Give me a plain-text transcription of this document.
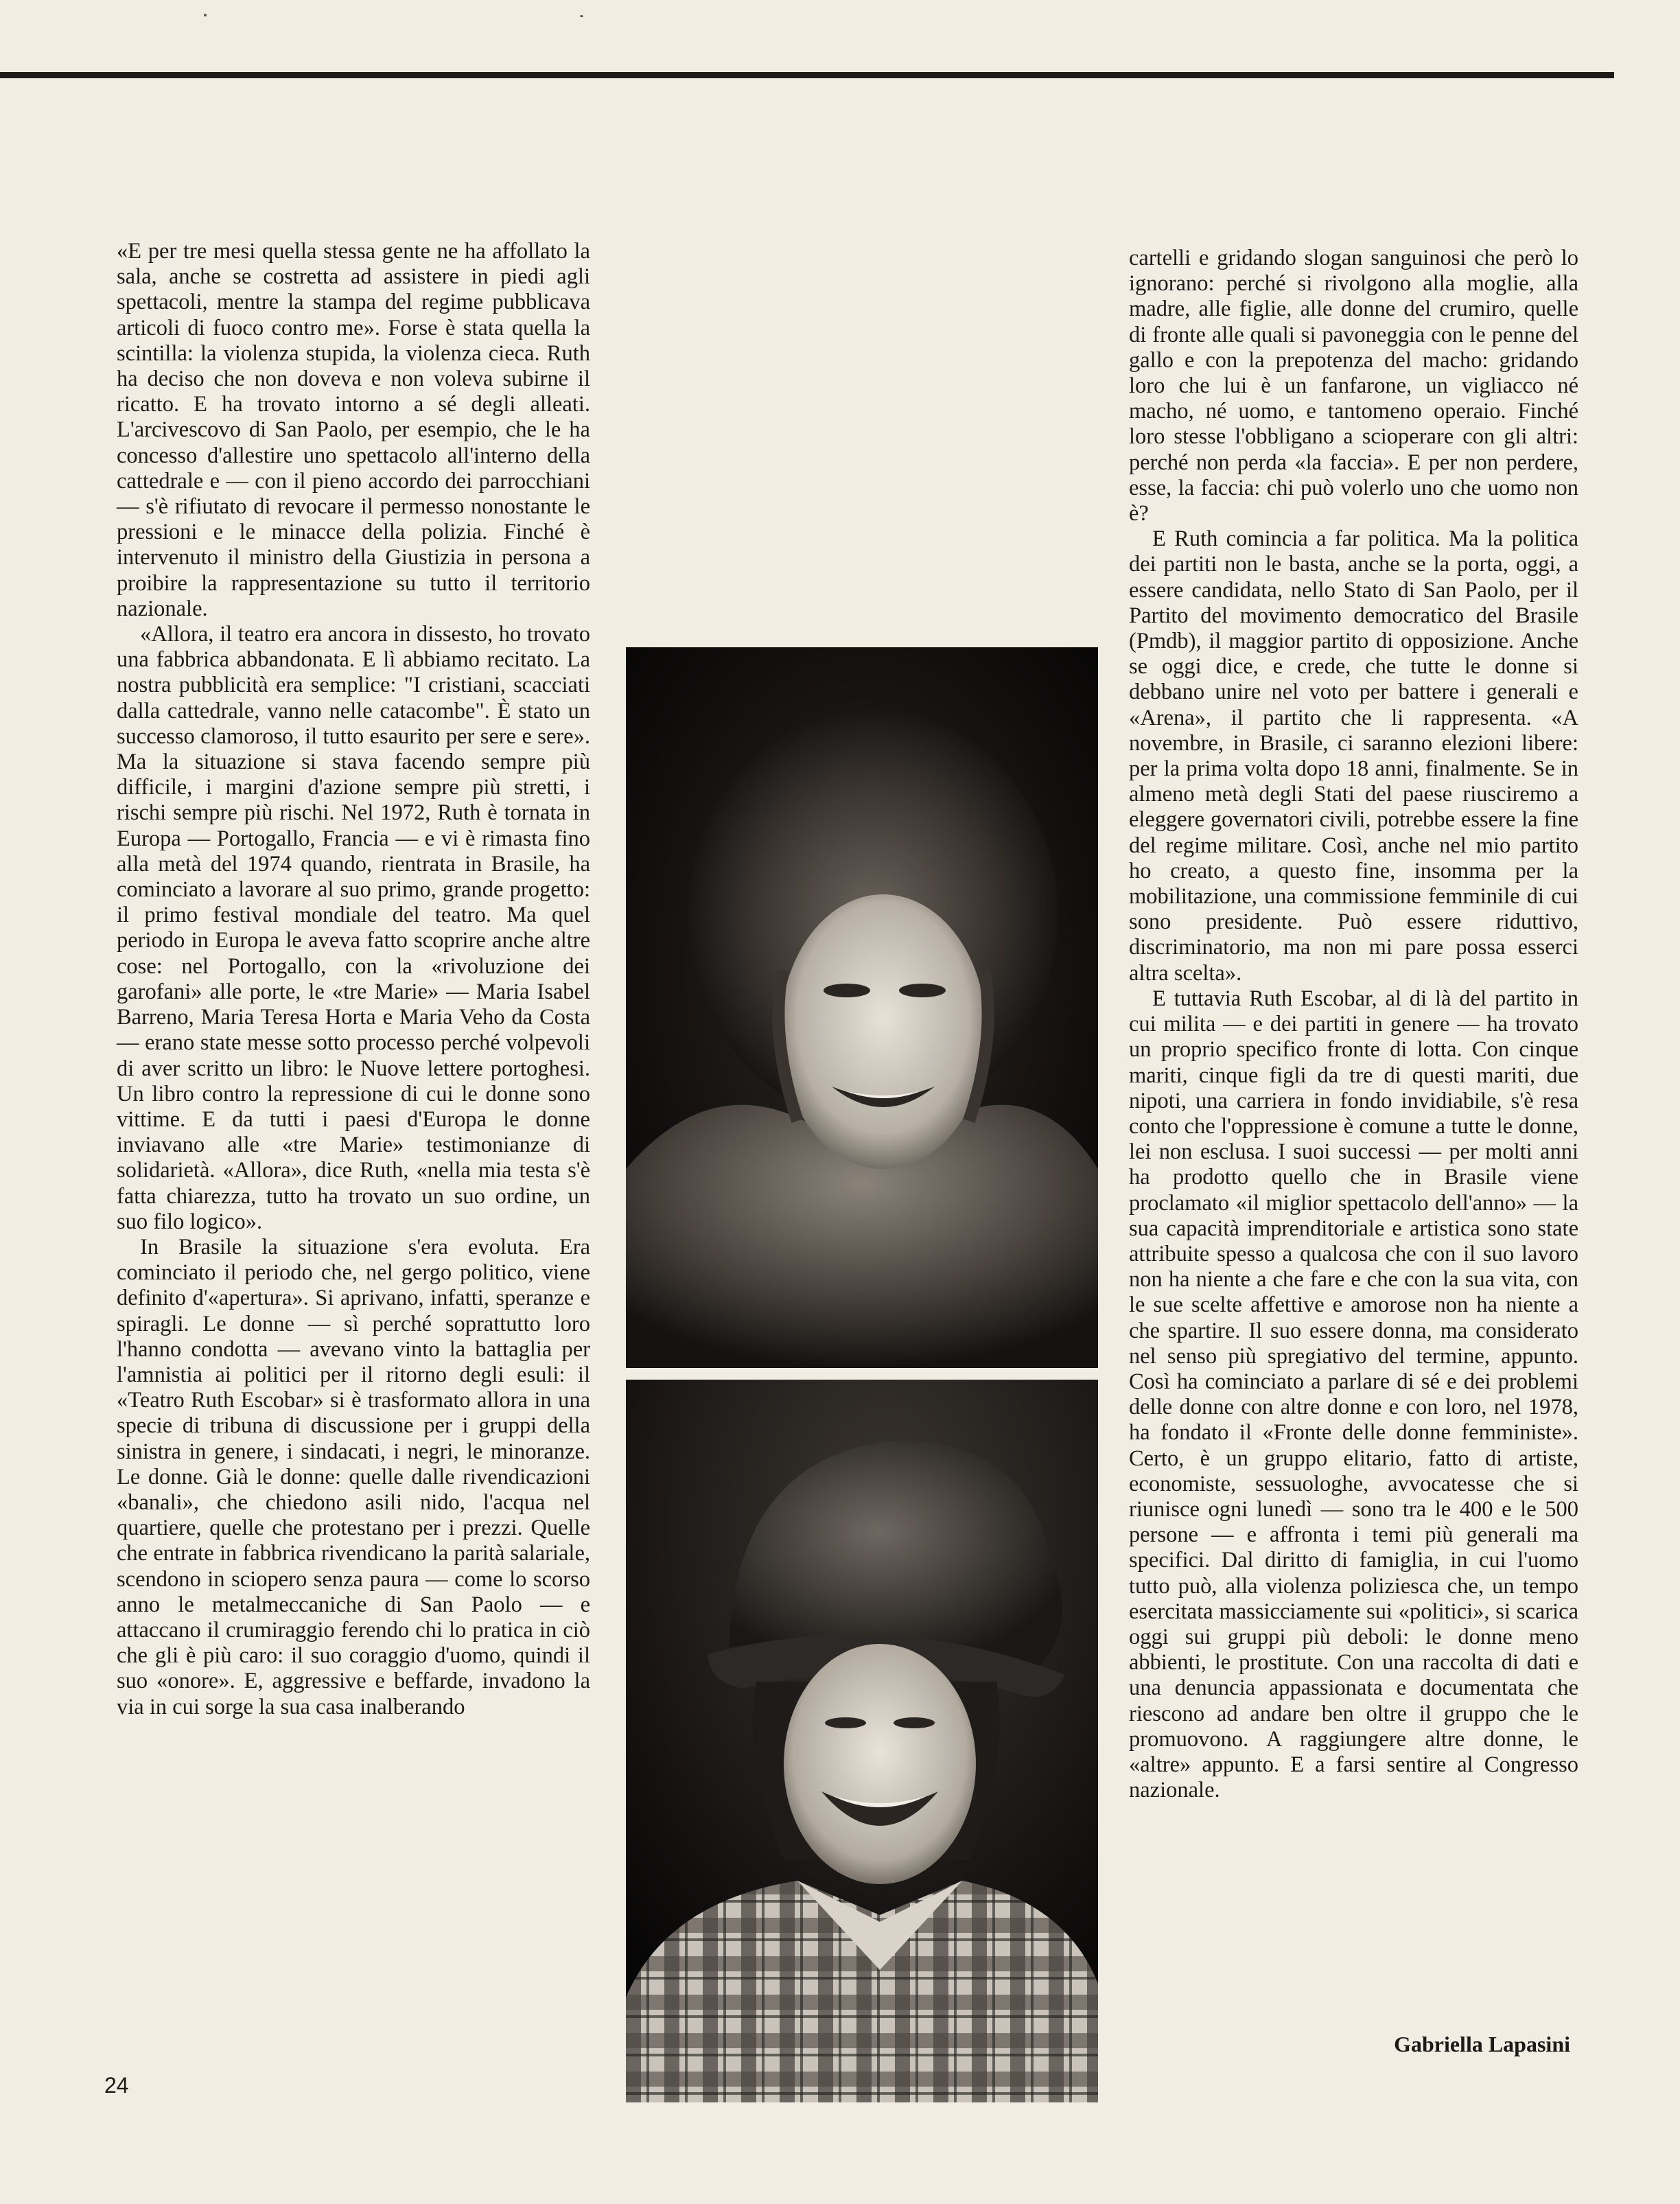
«E per tre mesi quella stessa gente ne ha affollato la sala, anche se costretta ad assistere in piedi agli spettacoli, mentre la stampa del regime pubblicava articoli di fuoco contro me». Forse è stata quella la scintilla: la violenza stupida, la violenza cieca. Ruth ha deciso che non doveva e non voleva subirne il ricatto. E ha trovato intorno a sé degli alleati. L'arcivescovo di San Paolo, per esempio, che le ha concesso d'allestire uno spettacolo all'interno della cattedrale e — con il pieno accordo dei parrocchiani — s'è rifiutato di revocare il permesso nonostante le pressioni e le minacce della polizia. Finché è intervenuto il ministro della Giustizia in persona a proibire la rappresentazione su tutto il territorio nazionale.

«Allora, il teatro era ancora in dissesto, ho trovato una fabbrica abbandonata. E lì abbiamo recitato. La nostra pubblicità era semplice: "I cristiani, scacciati dalla cattedrale, vanno nelle catacombe". È stato un successo clamoroso, il tutto esaurito per sere e sere». Ma la situazione si stava facendo sempre più difficile, i margini d'azione sempre più stretti, i rischi sempre più rischi. Nel 1972, Ruth è tornata in Europa — Portogallo, Francia — e vi è rimasta fino alla metà del 1974 quando, rientrata in Brasile, ha cominciato a lavorare al suo primo, grande progetto: il primo festival mondiale del teatro. Ma quel periodo in Europa le aveva fatto scoprire anche altre cose: nel Portogallo, con la «rivoluzione dei garofani» alle porte, le «tre Marie» — Maria Isabel Barreno, Maria Teresa Horta e Maria Veho da Costa — erano state messe sotto processo perché volpevoli di aver scritto un libro: le Nuove lettere portoghesi. Un libro contro la repressione di cui le donne sono vittime. E da tutti i paesi d'Europa le donne inviavano alle «tre Marie» testimonianze di solidarietà. «Allora», dice Ruth, «nella mia testa s'è fatta chiarezza, tutto ha trovato un suo ordine, un suo filo logico».

In Brasile la situazione s'era evoluta. Era cominciato il periodo che, nel gergo politico, viene definito d'«apertura». Si aprivano, infatti, speranze e spiragli. Le donne — sì perché soprattutto loro l'hanno condotta — avevano vinto la battaglia per l'amnistia ai politici per il ritorno degli esuli: il «Teatro Ruth Escobar» si è trasformato allora in una specie di tribuna di discussione per i gruppi della sinistra in genere, i sindacati, i negri, le minoranze. Le donne. Già le donne: quelle dalle rivendicazioni «banali», che chiedono asili nido, l'acqua nel quartiere, quelle che protestano per i prezzi. Quelle che entrate in fabbrica rivendicano la parità salariale, scendono in sciopero senza paura — come lo scorso anno le metalmeccaniche di San Paolo — e attaccano il crumiraggio ferendo chi lo pratica in ciò che gli è più caro: il suo coraggio d'uomo, quindi il suo «onore». E, aggressive e beffarde, invadono la via in cui sorge la sua casa inalberando

cartelli e gridando slogan sanguinosi che però lo ignorano: perché si rivolgono alla moglie, alla madre, alle figlie, alle donne del crumiro, quelle di fronte alle quali si pavoneggia con le penne del gallo e con la prepotenza del macho: gridando loro che lui è un fanfarone, un vigliacco né macho, né uomo, e tantomeno operaio. Finché loro stesse l'obbligano a scioperare con gli altri: perché non perda «la faccia». E per non perdere, esse, la faccia: chi può volerlo uno che uomo non è?

E Ruth comincia a far politica. Ma la politica dei partiti non le basta, anche se la porta, oggi, a essere candidata, nello Stato di San Paolo, per il Partito del movimento democratico del Brasile (Pmdb), il maggior partito di opposizione. Anche se oggi dice, e crede, che tutte le donne si debbano unire nel voto per battere i generali e «Arena», il partito che li rappresenta. «A novembre, in Brasile, ci saranno elezioni libere: per la prima volta dopo 18 anni, finalmente. Se in almeno metà degli Stati del paese riusciremo a eleggere governatori civili, potrebbe essere la fine del regime militare. Così, anche nel mio partito ho creato, a questo fine, insomma per la mobilitazione, una commissione femminile di cui sono presidente. Può essere riduttivo, discriminatorio, ma non mi pare possa esserci altra scelta».

E tuttavia Ruth Escobar, al di là del partito in cui milita — e dei partiti in genere — ha trovato un proprio specifico fronte di lotta. Con cinque mariti, cinque figli da tre di questi mariti, due nipoti, una carriera in fondo invidiabile, s'è resa conto che l'oppressione è comune a tutte le donne, lei non esclusa. I suoi successi — per molti anni ha prodotto quello che in Brasile viene proclamato «il miglior spettacolo dell'anno» — la sua capacità imprenditoriale e artistica sono state attribuite spesso a qualcosa che con il suo lavoro non ha niente a che fare e che con la sua vita, con le sue scelte affettive e amorose non ha niente a che spartire. Il suo essere donna, ma considerato nel senso più spregiativo del termine, appunto. Così ha cominciato a parlare di sé e dei problemi delle donne con altre donne e con loro, nel 1978, ha fondato il «Fronte delle donne femministe». Certo, è un gruppo elitario, fatto di artiste, economiste, sessuologhe, avvocatesse che si riunisce ogni lunedì — sono tra le 400 e le 500 persone — e affronta i temi più generali ma specifici. Dal diritto di famiglia, in cui l'uomo tutto può, alla violenza poliziesca che, un tempo esercitata massicciamente sui «politici», si scarica oggi sui gruppi più deboli: le donne meno abbienti, le prostitute. Con una raccolta di dati e una denuncia appassionata e documentata che riescono ad andare ben oltre il gruppo che le promuovono. A raggiungere altre donne, le «altre» appunto. E a farsi sentire al Congresso nazionale.

Gabriella Lapasini
24
